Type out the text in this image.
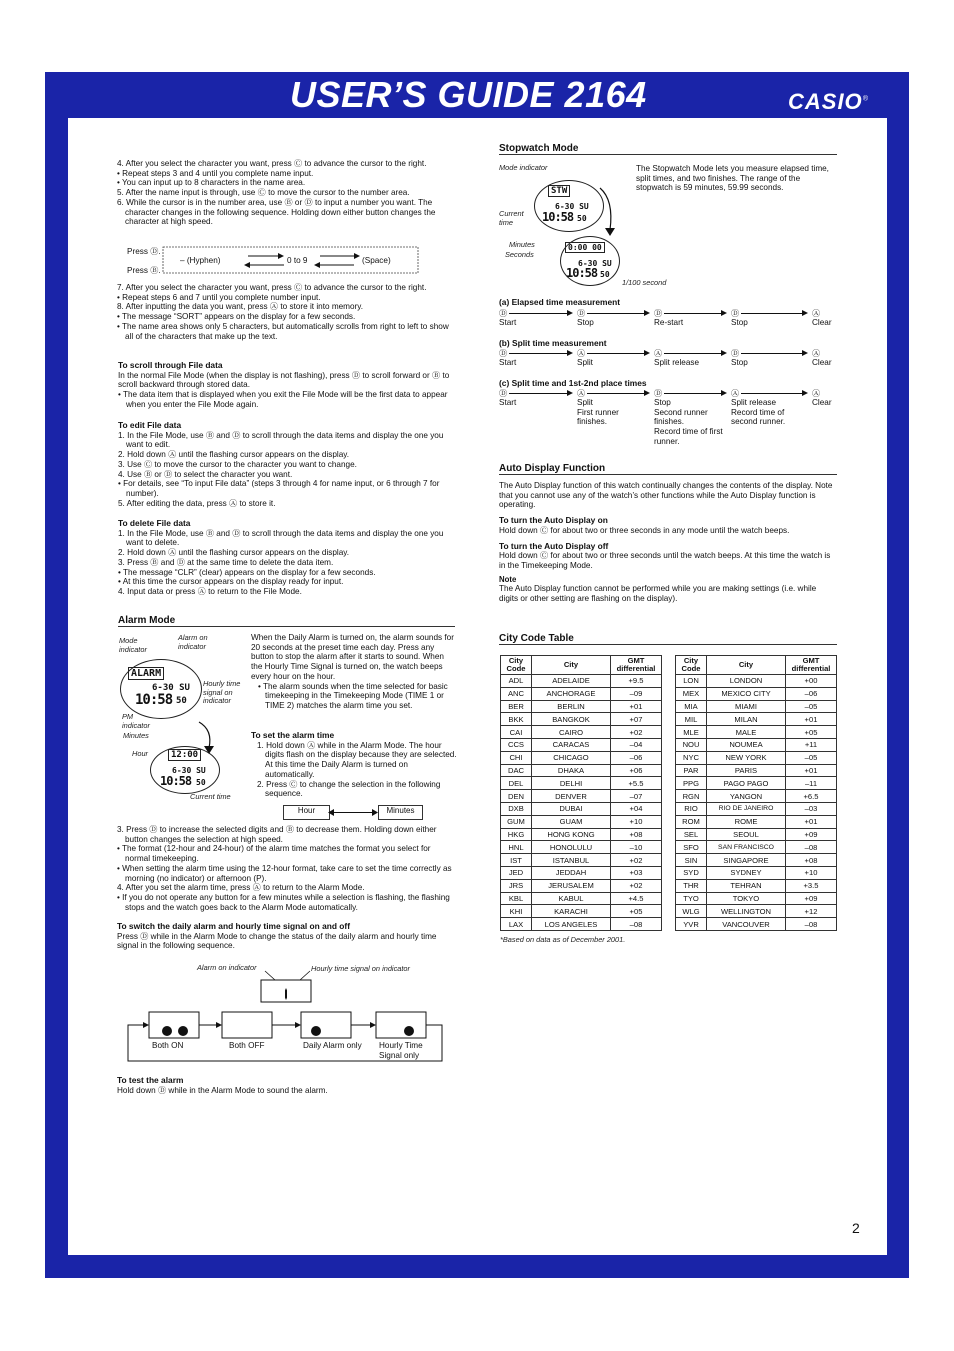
USER’S GUIDE 2164	CASIO®

4. After you select the character you want, press Ⓒ to advance the cursor to the right.

• Repeat steps 3 and 4 until you complete name input.

• You can input up to 8 characters in the name area.

5. After the name input is through, use Ⓒ to move the cursor to the number area.

6. While the cursor is in the number area, use Ⓑ or Ⓓ to input a number you want. The character changes in the following sequence. Holding down either button changes the character at high speed.

Press Ⓓ.
Press Ⓑ.
– (Hyphen)	0 to 9	(Space)

7. After you select the character you want, press Ⓒ to advance the cursor to the right.

• Repeat steps 6 and 7 until you complete number input.

8. After inputting the data you want, press Ⓐ to store it into memory.

• The message “SORT” appears on the display for a few seconds.

• The name area shows only 5 characters, but automatically scrolls from right to left to show all of the characters that make up the text.

To scroll through File data

In the normal File Mode (when the display is not flashing), press Ⓓ to scroll forward or Ⓑ to scroll backward through stored data.

• The data item that is displayed when you exit the File Mode will be the first data to appear when you enter the File Mode again.

To edit File data

1. In the File Mode, use Ⓑ and Ⓓ to scroll through the data items and display the one you want to edit.

2. Hold down Ⓐ until the flashing cursor appears on the display.

3. Use Ⓒ to move the cursor to the character you want to change.

4. Use Ⓑ or Ⓓ to select the character you want.

• For details, see “To input File data” (steps 3 through 4 for name input, or 6 through 7 for number).

5. After editing the data, press Ⓐ to store it.

To delete File data

1. In the File Mode, use Ⓑ and Ⓓ to scroll through the data items and display the one you want to delete.

2. Hold down Ⓐ until the flashing cursor appears on the display.

3. Press Ⓑ and Ⓓ at the same time to delete the data item.

• The message “CLR” (clear) appears on the display for a few seconds.

• At this time the cursor appears on the display ready for input.

4. Input data or press Ⓐ to return to the File Mode.

Alarm Mode
Mode indicator
Alarm on indicator
Hourly time signal on indicator
PM indicator
Minutes
Hour
Current time
ALARM
6-30 SU
10:58 50
12:00
6-30 SU
10:58 50

When the Daily Alarm is turned on, the alarm sounds for 20 seconds at the preset time each day. Press any button to stop the alarm after it starts to sound. When the Hourly Time Signal is turned on, the watch beeps every hour on the hour.

• The alarm sounds when the time selected for basic timekeeping in the Timekeeping Mode (TIME 1 or TIME 2) matches the alarm time you set.

To set the alarm time

1. Hold down Ⓐ while in the Alarm Mode. The hour digits flash on the display because they are selected. At this time the Daily Alarm is turned on automatically.

2. Press Ⓒ to change the selection in the following sequence.

Hour	Minutes

3. Press Ⓓ to increase the selected digits and Ⓑ to decrease them. Holding down either button changes the selection at high speed.

• The format (12-hour and 24-hour) of the alarm time matches the format you select for normal timekeeping.

• When setting the alarm time using the 12-hour format, take care to set the time correctly as morning (no indicator) or afternoon (P).

4. After you set the alarm time, press Ⓐ to return to the Alarm Mode.

• If you do not operate any button for a few minutes while a selection is flashing, the flashing stops and the watch goes back to the Alarm Mode automatically.

To switch the daily alarm and hourly time signal on and off

Press Ⓓ while in the Alarm Mode to change the status of the daily alarm and hourly time signal in the following sequence.

Alarm on indicator	Hourly time signal on indicator
Both ON	Both OFF	Daily Alarm only Hourly Time Signal only

To test the alarm

Hold down Ⓓ while in the Alarm Mode to sound the alarm.

Stopwatch Mode
Mode indicator
Current time
Minutes
Seconds
1/100 second
STW
6-30 SU
10:58 50
0:00 00
6-30 SU
10:58 50
The Stopwatch Mode lets you measure elapsed time, split times, and two finishes. The range of the stopwatch is 59 minutes, 59.99 seconds.
(a) Elapsed time measurement
(b) Split time measurement
(c) Split time and 1st-2nd place times
Ⓓ
Start
Ⓓ
Stop
Ⓓ
Re-start
Ⓓ
Stop
Ⓐ
Clear
Ⓓ
Start
Ⓐ
Split
Ⓐ
Split release
Ⓓ
Stop
Ⓐ
Clear
Ⓓ
Start
Ⓐ
Split
First runner finishes.
Ⓓ
Stop
Second runner finishes.
Record time of first runner.
Ⓐ
Split release
Record time of second runner.
Ⓐ
Clear
Auto Display Function

The Auto Display function of this watch continually changes the contents of the display. Note that you cannot use any of the watch’s other functions while the Auto Display function is operating.

To turn the Auto Display on

Hold down Ⓒ for about two or three seconds in any mode until the watch beeps.

To turn the Auto Display off

Hold down Ⓒ for about two or three seconds until the watch beeps. At this time the watch is in the Timekeeping Mode.

Note

The Auto Display function cannot be performed while you are making settings (i.e. while digits or other setting are flashing on the display).

City Code Table
City Code	City	GMT differential
ADL	ADELAIDE	+9.5
ANC	ANCHORAGE	–09
BER	BERLIN	+01
BKK	BANGKOK	+07
CAI	CAIRO	+02
CCS	CARACAS	–04
CHI	CHICAGO	–06
DAC	DHAKA	+06
DEL	DELHI	+5.5
DEN	DENVER	–07
DXB	DUBAI	+04
GUM	GUAM	+10
HKG	HONG KONG	+08
HNL	HONOLULU	–10
IST	ISTANBUL	+02
JED	JEDDAH	+03
JRS	JERUSALEM	+02
KBL	KABUL	+4.5
KHI	KARACHI	+05
LAX	LOS ANGELES	–08
City Code	City	GMT differential
LON	LONDON	+00
MEX	MEXICO CITY	–06
MIA	MIAMI	–05
MIL	MILAN	+01
MLE	MALE	+05
NOU	NOUMEA	+11
NYC	NEW YORK	–05
PAR	PARIS	+01
PPG	PAGO PAGO	–11
RGN	YANGON	+6.5
RIO	RIO DE JANEIRO	–03
ROM	ROME	+01
SEL	SEOUL	+09
SFO	SAN FRANCISCO	–08
SIN	SINGAPORE	+08
SYD	SYDNEY	+10
THR	TEHRAN	+3.5
TYO	TOKYO	+09
WLG	WELLINGTON	+12
YVR	VANCOUVER	–08
*Based on data as of December 2001.
2
